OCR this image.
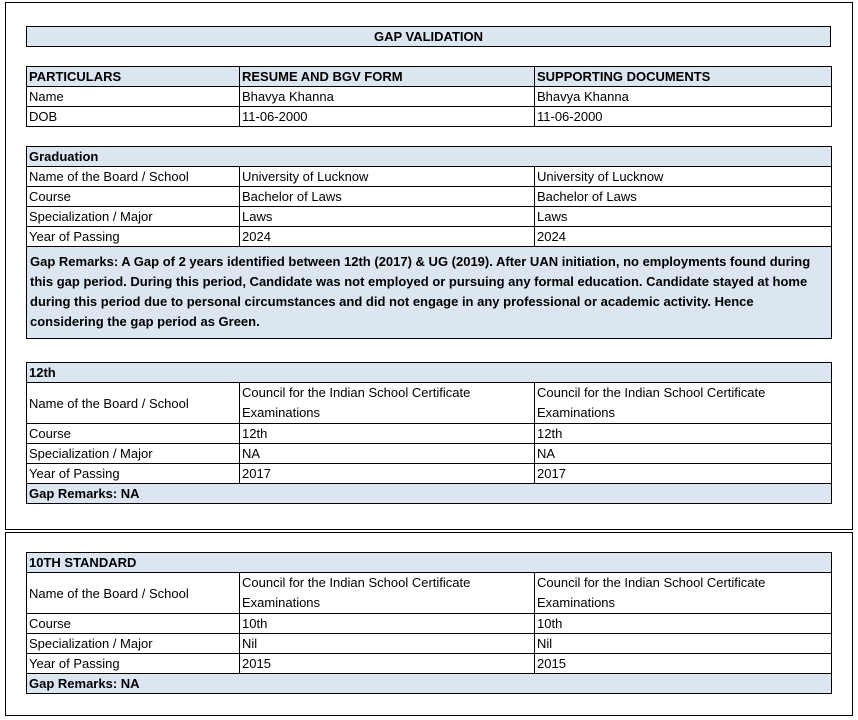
GAP VALIDATION
PARTICULARS	RESUME AND BGV FORM	SUPPORTING DOCUMENTS
Name	Bhavya Khanna	Bhavya Khanna
DOB	11-06-2000	11-06-2000
Graduation		
Name of the Board / School	University of Lucknow	University of Lucknow
Course	Bachelor of Laws	Bachelor of Laws
Specialization / Major	Laws	Laws
Year of Passing	2024	2024
Gap Remarks: A Gap of 2 years identified between 12th (2017) & UG (2019). After UAN initiation, no employments found during this gap period. During this period, Candidate was not employed or pursuing any formal education. Candidate stayed at home during this period due to personal circumstances and did not engage in any professional or academic activity. Hence considering the gap period as Green.		
12th		
Name of the Board / School	Council for the Indian School Certificate Examinations	Council for the Indian School Certificate Examinations
Course	12th	12th
Specialization / Major	NA	NA
Year of Passing	2017	2017
Gap Remarks: NA		
10TH STANDARD		
Name of the Board / School	Council for the Indian School Certificate Examinations	Council for the Indian School Certificate Examinations
Course	10th	10th
Specialization / Major	Nil	Nil
Year of Passing	2015	2015
Gap Remarks: NA		
